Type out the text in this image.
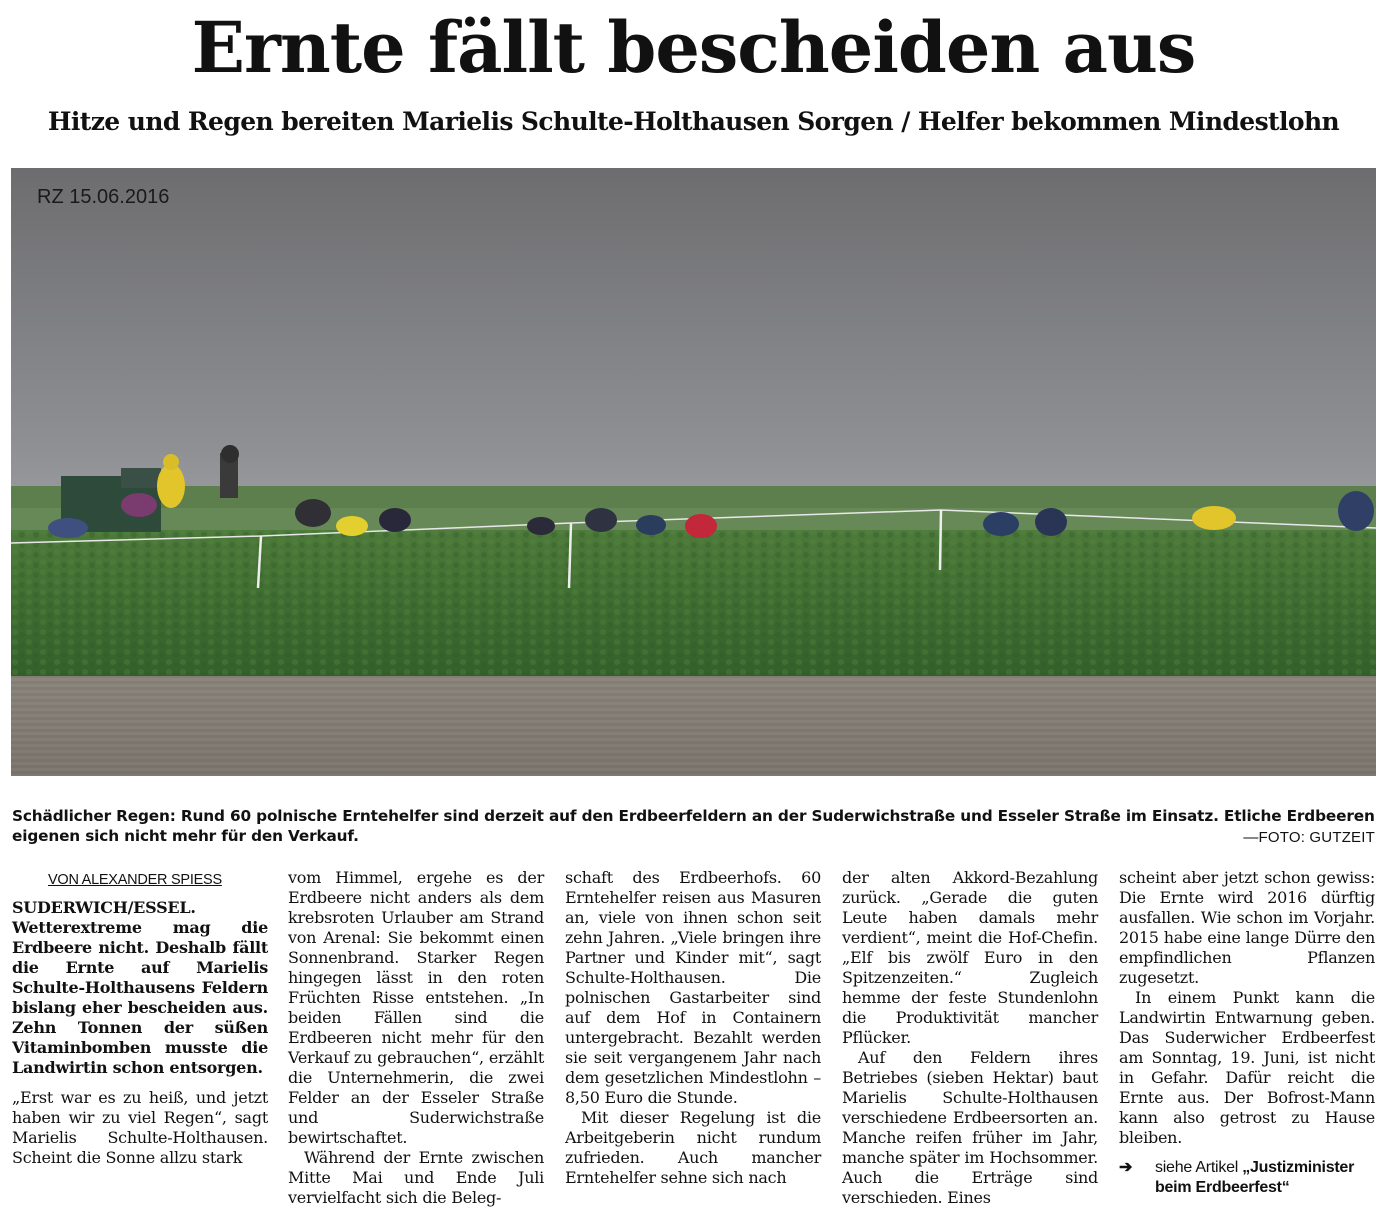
Ernte fällt bescheiden aus
Hitze und Regen bereiten Marielis Schulte-Holthausen Sorgen / Helfer bekommen Mindestlohn
RZ 15.06.2016
Schädlicher Regen: Rund 60 polnische Erntehelfer sind derzeit auf den Erdbeerfeldern an der Suderwichstraße und Esseler Straße im Einsatz. Etliche Erdbeeren eigenen sich nicht mehr für den Verkauf.	—FOTO: GUTZEIT

VON ALEXANDER SPIESS

SUDERWICH/ESSEL. Wetterextreme mag die Erdbeere nicht. Deshalb fällt die Ernte auf Marielis Schulte-Holthausens Feldern bislang eher bescheiden aus. Zehn Tonnen der süßen Vitaminbomben musste die Landwirtin schon entsorgen.

„Erst war es zu heiß, und jetzt haben wir zu viel Regen“, sagt Marielis Schulte-Holthausen. Scheint die Sonne allzu stark

vom Himmel, ergehe es der Erdbeere nicht anders als dem krebsroten Urlauber am Strand von Arenal: Sie bekommt einen Sonnenbrand. Starker Regen hingegen lässt in den roten Früchten Risse entstehen. „In beiden Fällen sind die Erdbeeren nicht mehr für den Verkauf zu gebrauchen“, erzählt die Unternehmerin, die zwei Felder an der Esseler Straße und Suderwichstraße bewirtschaftet.

Während der Ernte zwischen Mitte Mai und Ende Juli vervielfacht sich die Beleg-

schaft des Erdbeerhofs. 60 Erntehelfer reisen aus Masuren an, viele von ihnen schon seit zehn Jahren. „Viele bringen ihre Partner und Kinder mit“, sagt Schulte-Holthausen. Die polnischen Gastarbeiter sind auf dem Hof in Containern untergebracht. Bezahlt werden sie seit vergangenem Jahr nach dem gesetzlichen Mindestlohn – 8,50 Euro die Stunde.

Mit dieser Regelung ist die Arbeitgeberin nicht rundum zufrieden. Auch mancher Erntehelfer sehne sich nach

der alten Akkord-Bezahlung zurück. „Gerade die guten Leute haben damals mehr verdient“, meint die Hof-Chefin. „Elf bis zwölf Euro in den Spitzenzeiten.“ Zugleich hemme der feste Stundenlohn die Produktivität mancher Pflücker.

Auf den Feldern ihres Betriebes (sieben Hektar) baut Marielis Schulte-Holthausen verschiedene Erdbeersorten an. Manche reifen früher im Jahr, manche später im Hochsommer. Auch die Erträge sind verschieden. Eines

scheint aber jetzt schon gewiss: Die Ernte wird 2016 dürftig ausfallen. Wie schon im Vorjahr. 2015 habe eine lange Dürre den empfindlichen Pflanzen zugesetzt.

In einem Punkt kann die Landwirtin Entwarnung geben. Das Suderwicher Erdbeerfest am Sonntag, 19. Juni, ist nicht in Gefahr. Dafür reicht die Ernte aus. Der Bofrost-Mann kann also getrost zu Hause bleiben.

➔	siehe Artikel „Justizminister beim Erdbeerfest“
